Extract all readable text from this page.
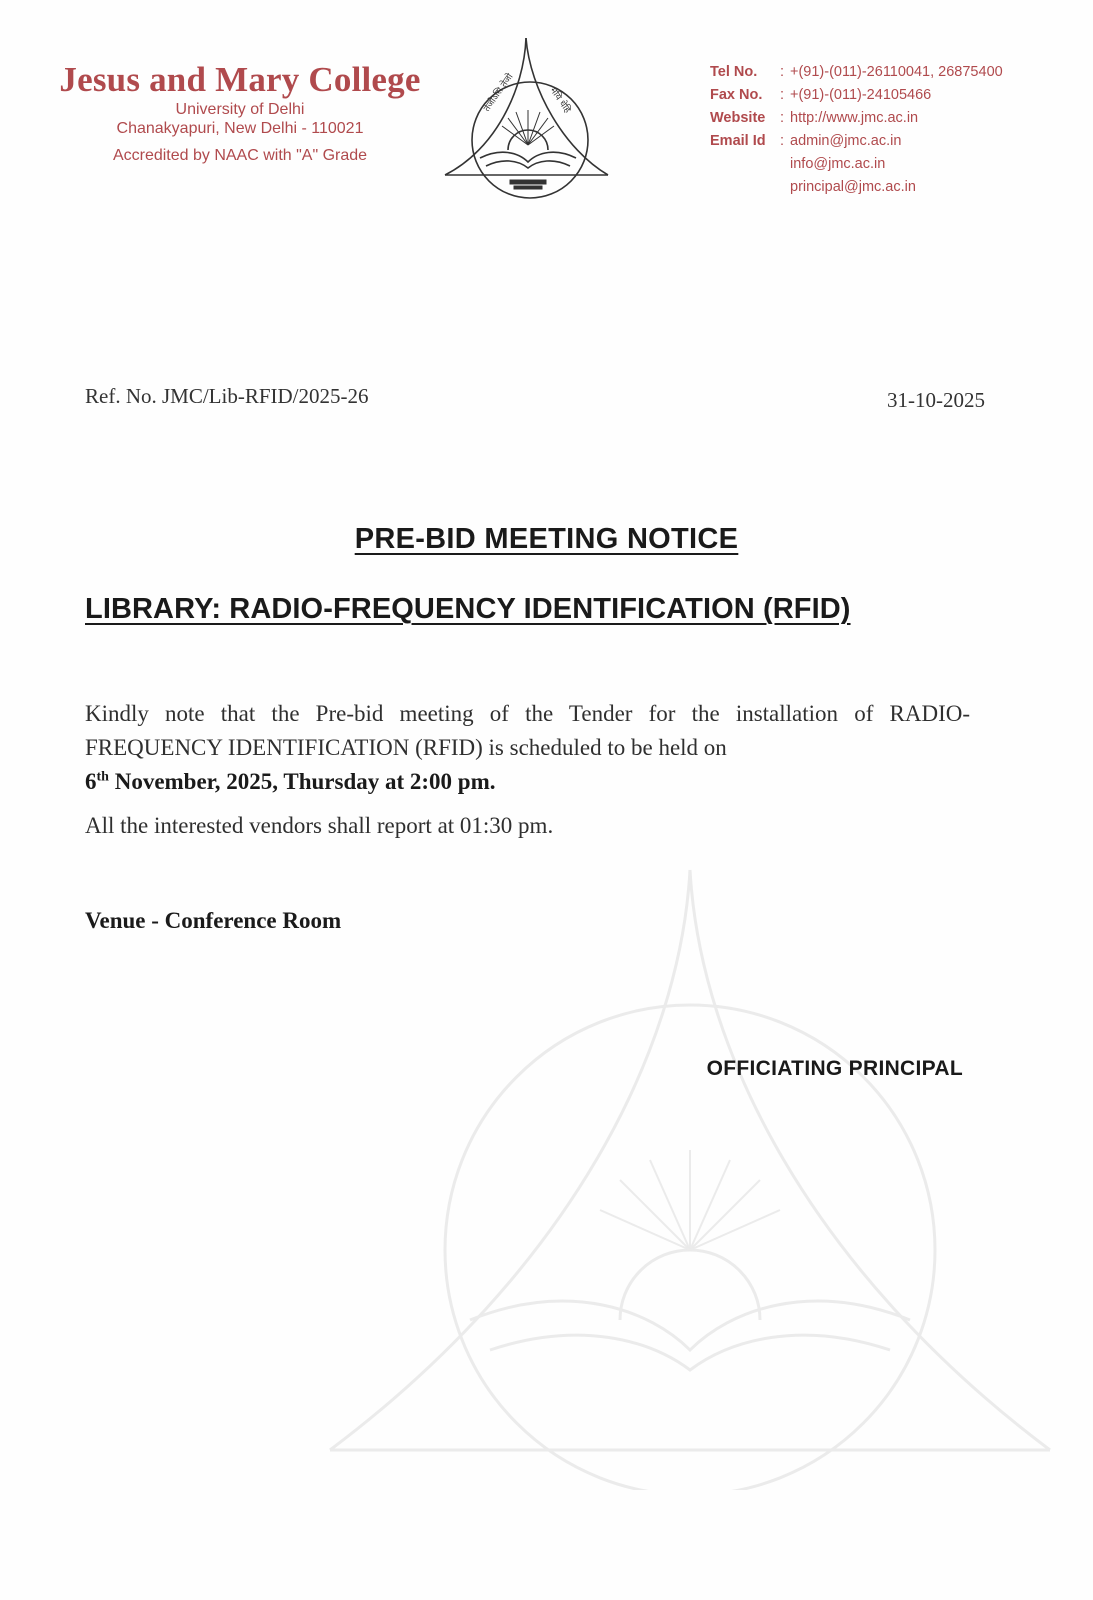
Jesus and Mary College
University of Delhi
Chanakyapuri, New Delhi - 110021
Accredited by NAAC with "A" Grade
तेजोऽसि तेजो	मयि धेहि
Tel No.	: +(91)-(011)-26110041, 26875400
Fax No.	: +(91)-(011)-24105466
Website	: http://www.jmc.ac.in
Email Id : admin@jmc.ac.in
info@jmc.ac.in
principal@jmc.ac.in
Ref. No. JMC/Lib-RFID/2025-26	31-10-2025
PRE-BID MEETING NOTICE
LIBRARY: RADIO-FREQUENCY IDENTIFICATION (RFID)
Kindly note that the Pre-bid meeting of the Tender for the installation of RADIO-FREQUENCY IDENTIFICATION (RFID) is scheduled to be held on
6th November, 2025, Thursday at 2:00 pm.
All the interested vendors shall report at 01:30 pm.
Venue - Conference Room
OFFICIATING PRINCIPAL
